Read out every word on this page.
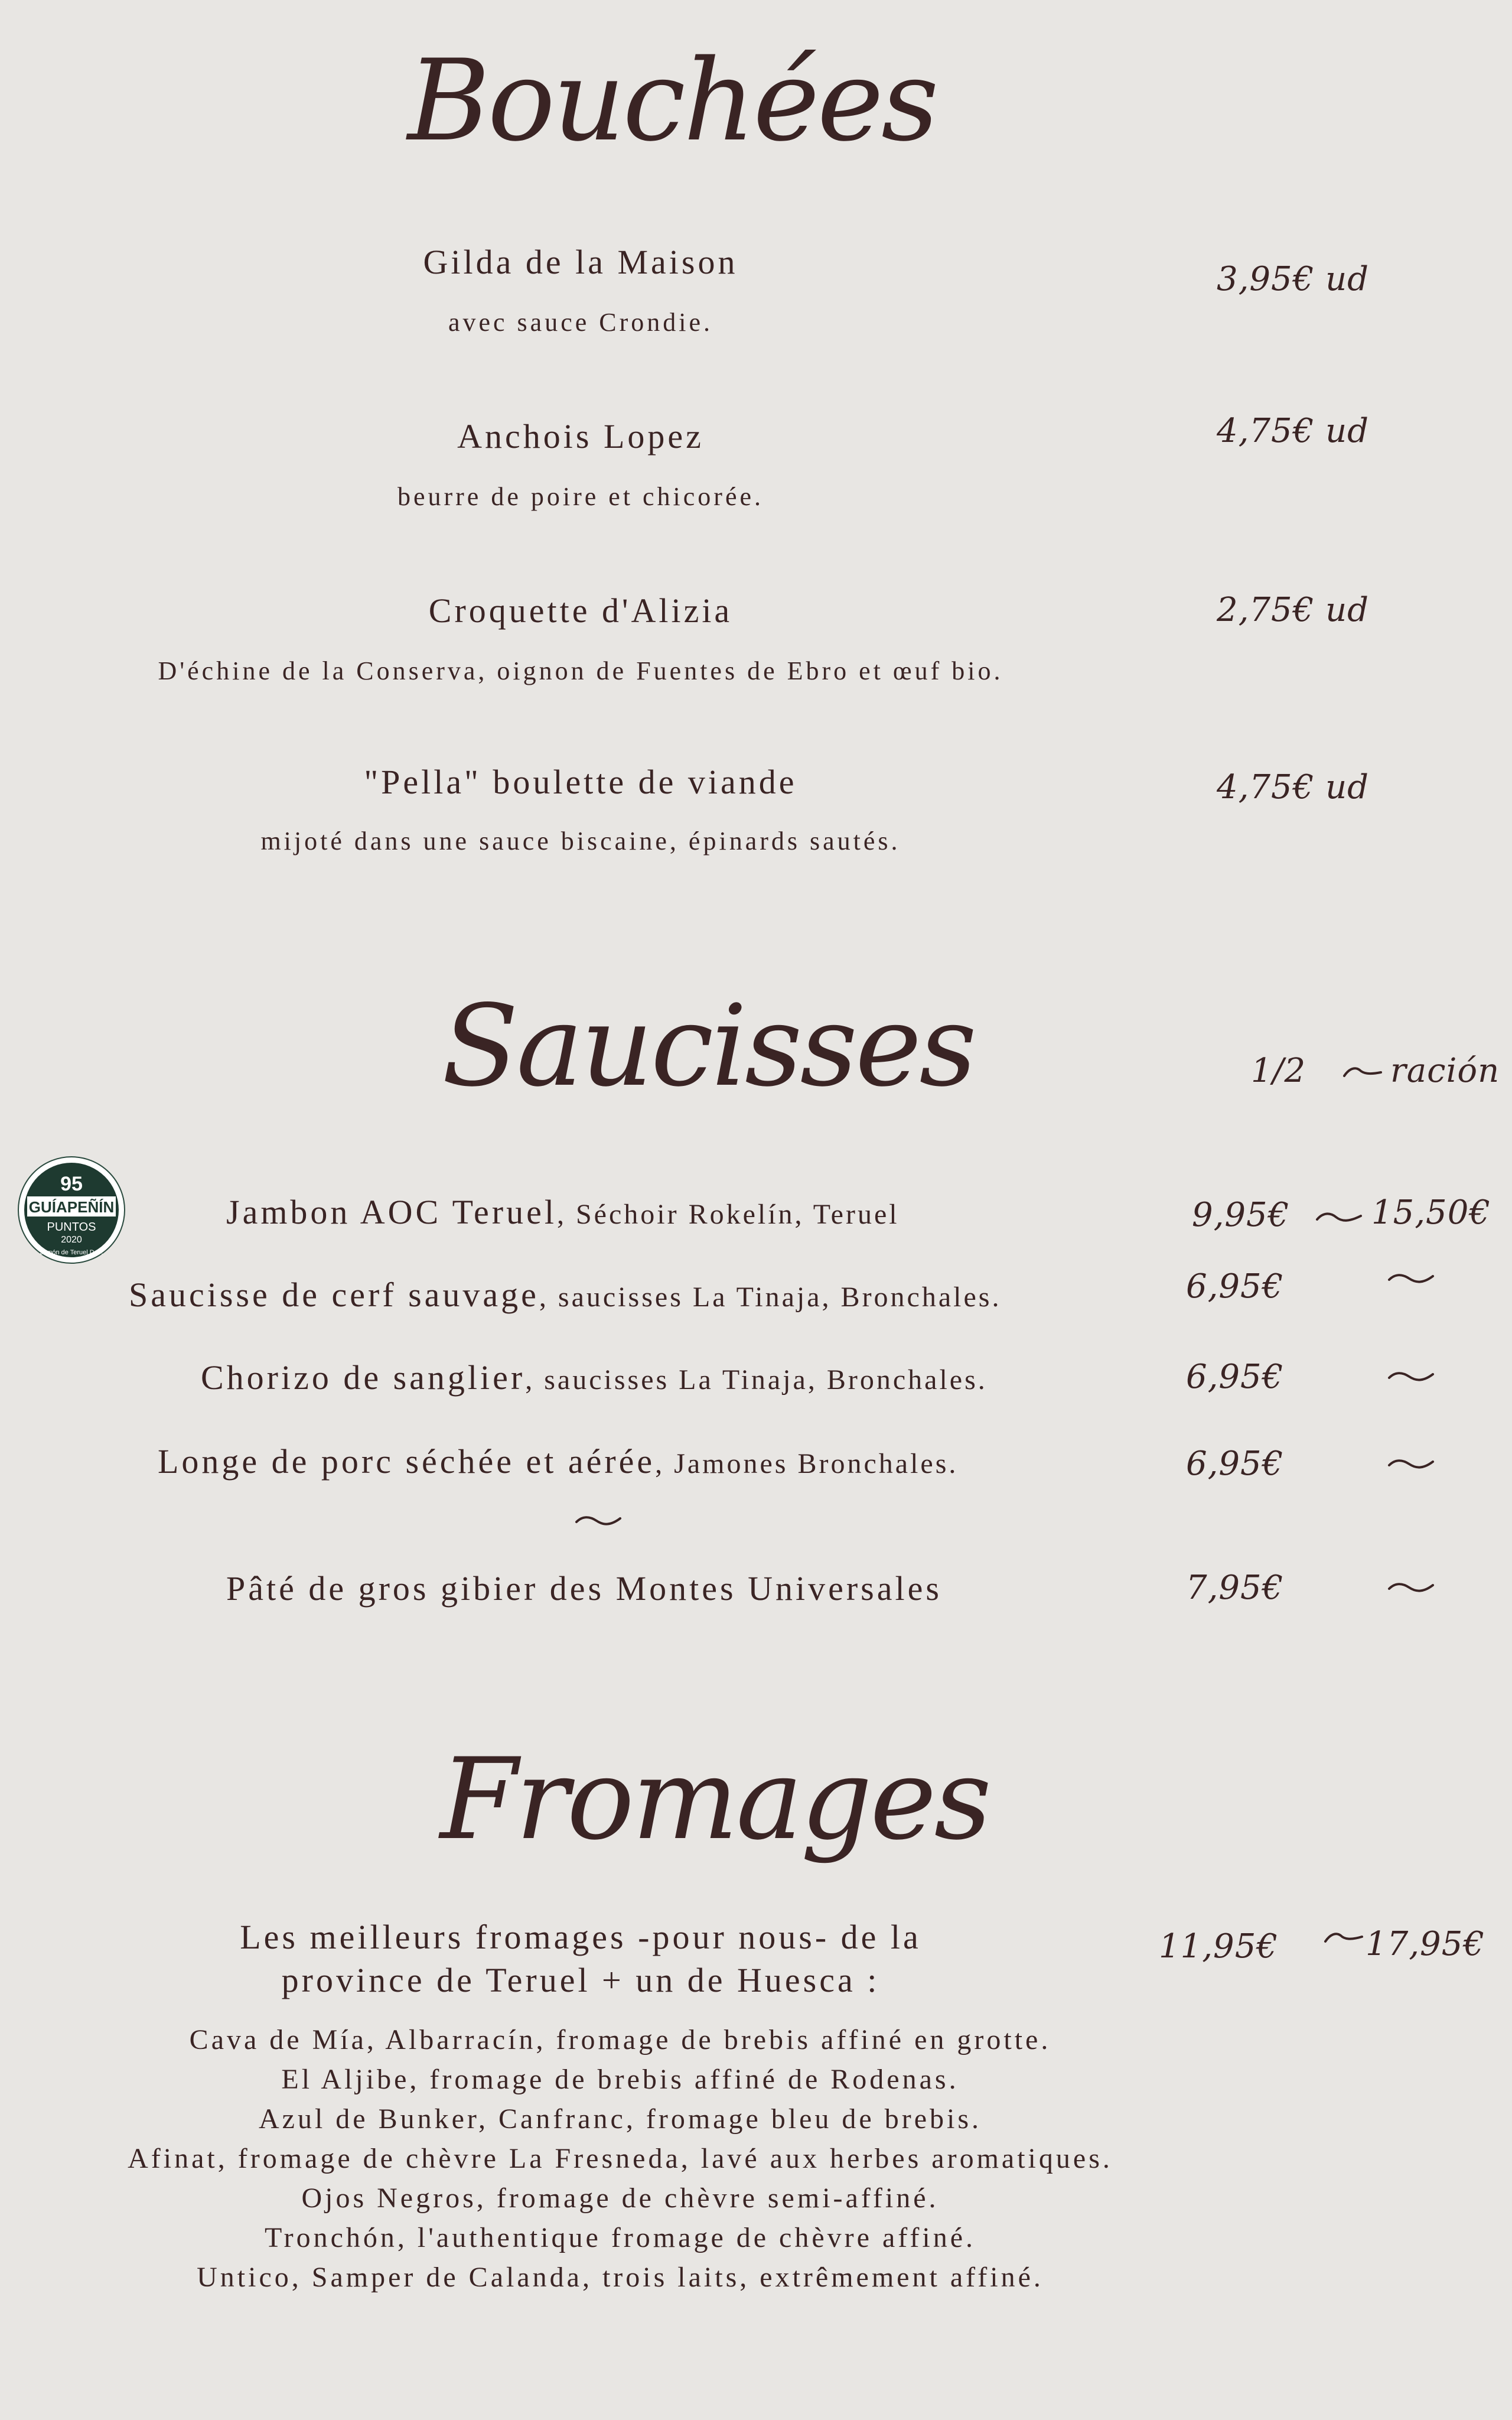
Bouchées
Gilda de la Maison
avec sauce Crondie.
3,95€ ud
Anchois Lopez
beurre de poire et chicorée.
4,75€ ud
Croquette d'Alizia
D'échine de la Conserva, oignon de Fuentes de Ebro et œuf bio.
2,75€ ud
"Pella" boulette de viande
mijoté dans une sauce biscaine, épinards sautés.
4,75€ ud
Saucisses	1/2	ración
95
GUÍAPEÑÍN
PUNTOS
2020
Jamón de Teruel D.O.
Jambon AOC Teruel, Séchoir Rokelín, Teruel	9,95€ 15,50€
Saucisse de cerf sauvage, saucisses La Tinaja, Bronchales.	6,95€
Chorizo de sanglier, saucisses La Tinaja, Bronchales.	6,95€
Longe de porc séchée et aérée, Jamones Bronchales.	6,95€
Pâté de gros gibier des Montes Universales	7,95€
Fromages
Les meilleurs fromages -pour nous- de la
province de Teruel + un de Huesca :
11,95€	17,95€
Cava de Mía, Albarracín, fromage de brebis affiné en grotte.
El Aljibe, fromage de brebis affiné de Rodenas.
Azul de Bunker, Canfranc, fromage bleu de brebis.
Afinat, fromage de chèvre La Fresneda, lavé aux herbes aromatiques.
Ojos Negros, fromage de chèvre semi-affiné.
Tronchón, l'authentique fromage de chèvre affiné.
Untico, Samper de Calanda, trois laits, extrêmement affiné.
